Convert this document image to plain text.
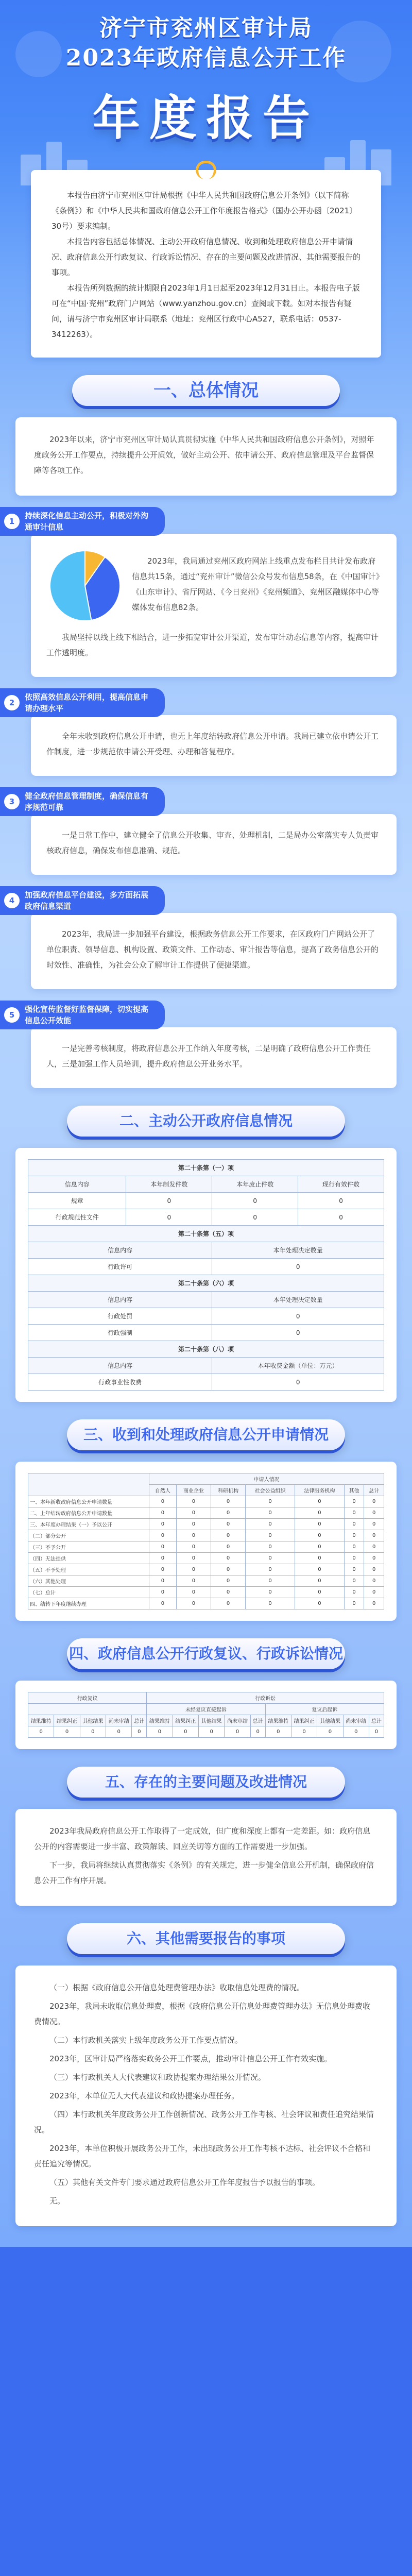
济宁市兖州区审计局
2023年政府信息公开工作
年度报告

本报告由济宁市兖州区审计局根据《中华人民共和国政府信息公开条例》（以下简称《条例》）和《中华人民共和国政府信息公开工作年度报告格式》（国办公开办函〔2021〕30号）要求编制。

本报告内容包括总体情况、主动公开政府信息情况、收到和处理政府信息公开申请情况、政府信息公开行政复议、行政诉讼情况、存在的主要问题及改进情况、其他需要报告的事项。

本报告所列数据的统计期限自2023年1月1日起至2023年12月31日止。本报告电子版可在“中国·兖州”政府门户网站（www.yanzhou.gov.cn）查阅或下载。如对本报告有疑问，请与济宁市兖州区审计局联系（地址：兖州区行政中心A527，联系电话：0537-3412263）。

一、总体情况

2023年以来，济宁市兖州区审计局认真贯彻实施《中华人民共和国政府信息公开条例》，对照年度政务公开工作要点，持续提升公开质效，做好主动公开、依申请公开、政府信息管理及平台监督保障等各项工作。

1
持续深化信息主动公开，积极对外沟通审计信息

2023年，我局通过兖州区政府网站上线重点发布栏目共计发布政府信息共15条，通过“兖州审计”微信公众号发布信息58条，在《中国审计》《山东审计》、省厅网站、《今日兖州》《兖州频道》、兖州区融媒体中心等媒体发布信息82条。

我局坚持以线上线下相结合，进一步拓宽审计公开渠道，发布审计动态信息等内容，提高审计工作透明度。

2
依照高效信息公开利用，提高信息申请办理水平

全年未收到政府信息公开申请，也无上年度结转政府信息公开申请。我局已建立依申请公开工作制度，进一步规范依申请公开受理、办理和答复程序。

3
健全政府信息管理制度，确保信息有序规范可靠

一是日常工作中，建立健全了信息公开收集、审查、处理机制，二是局办公室落实专人负责审核政府信息，确保发布信息准确、规范。

4
加强政府信息平台建设，多方面拓展政府信息渠道

2023年，我局进一步加强平台建设，根据政务信息公开工作要求，在区政府门户网站公开了单位职责、领导信息、机构设置、政策文件、工作动态、审计报告等信息，提高了政务信息公开的时效性、准确性，为社会公众了解审计工作提供了便捷渠道。

5
强化宣传监督好监督保障，切实提高信息公开效能

一是完善考核制度，将政府信息公开工作纳入年度考核，二是明确了政府信息公开工作责任人，三是加强工作人员培训，提升政府信息公开业务水平。

二、主动公开政府信息情况
第二十条第（一）项			
信息内容	本年制发件数	本年废止件数	现行有效件数
规章	0	0	0
行政规范性文件	0	0	0
第二十条第（五）项			
信息内容		本年处理决定数量	
行政许可		0	
第二十条第（六）项			
信息内容		本年处理决定数量	
行政处罚		0	
行政强制		0	
第二十条第（八）项			
信息内容		本年收费金额（单位：万元）	
行政事业性收费		0	
三、收到和处理政府信息公开申请情况
	申请人情况						
	自然人	商业企业	科研机构	社会公益组织	法律服务机构	其他	总计
一、本年新收政府信息公开申请数量	0	0	0	0	0	0	0
二、上年结转政府信息公开申请数量	0	0	0	0	0	0	0
三、本年度办理结果（一）予以公开	0	0	0	0	0	0	0
（二）部分公开	0	0	0	0	0	0	0
（三）不予公开	0	0	0	0	0	0	0
（四）无法提供	0	0	0	0	0	0	0
（五）不予处理	0	0	0	0	0	0	0
（六）其他处理	0	0	0	0	0	0	0
（七）总计	0	0	0	0	0	0	0
四、结转下年度继续办理	0	0	0	0	0	0	0
四、政府信息公开行政复议、行政诉讼情况
行政复议					行政诉讼									
					未经复议直接起诉					复议后起诉				
结果维持	结果纠正	其他结果	尚未审结	总计	结果维持	结果纠正	其他结果	尚未审结	总计	结果维持	结果纠正	其他结果	尚未审结	总计
0	0	0	0	0	0	0	0	0	0	0	0	0	0	0
五、存在的主要问题及改进情况

2023年我局政府信息公开工作取得了一定成效，但广度和深度上都有一定差距。如：政府信息公开的内容需要进一步丰富、政策解读、回应关切等方面的工作需要进一步加强。

下一步，我局将继续认真贯彻落实《条例》的有关规定，进一步健全信息公开机制，确保政府信息公开工作有序开展。

六、其他需要报告的事项

（一）根据《政府信息公开信息处理费管理办法》收取信息处理费的情况。

2023年，我局未收取信息处理费，根据《政府信息公开信息处理费管理办法》无信息处理费收费情况。

（二）本行政机关落实上级年度政务公开工作要点情况。

2023年，区审计局严格落实政务公开工作要点，推动审计信息公开工作有效实施。

（三）本行政机关人大代表建议和政协提案办理结果公开情况。

2023年，本单位无人大代表建议和政协提案办理任务。

（四）本行政机关年度政务公开工作创新情况、政务公开工作考核、社会评议和责任追究结果情况。

2023年，本单位积极开展政务公开工作，未出现政务公开工作考核不达标、社会评议不合格和责任追究等情况。

（五）其他有关文件专门要求通过政府信息公开工作年度报告予以报告的事项。

无。
